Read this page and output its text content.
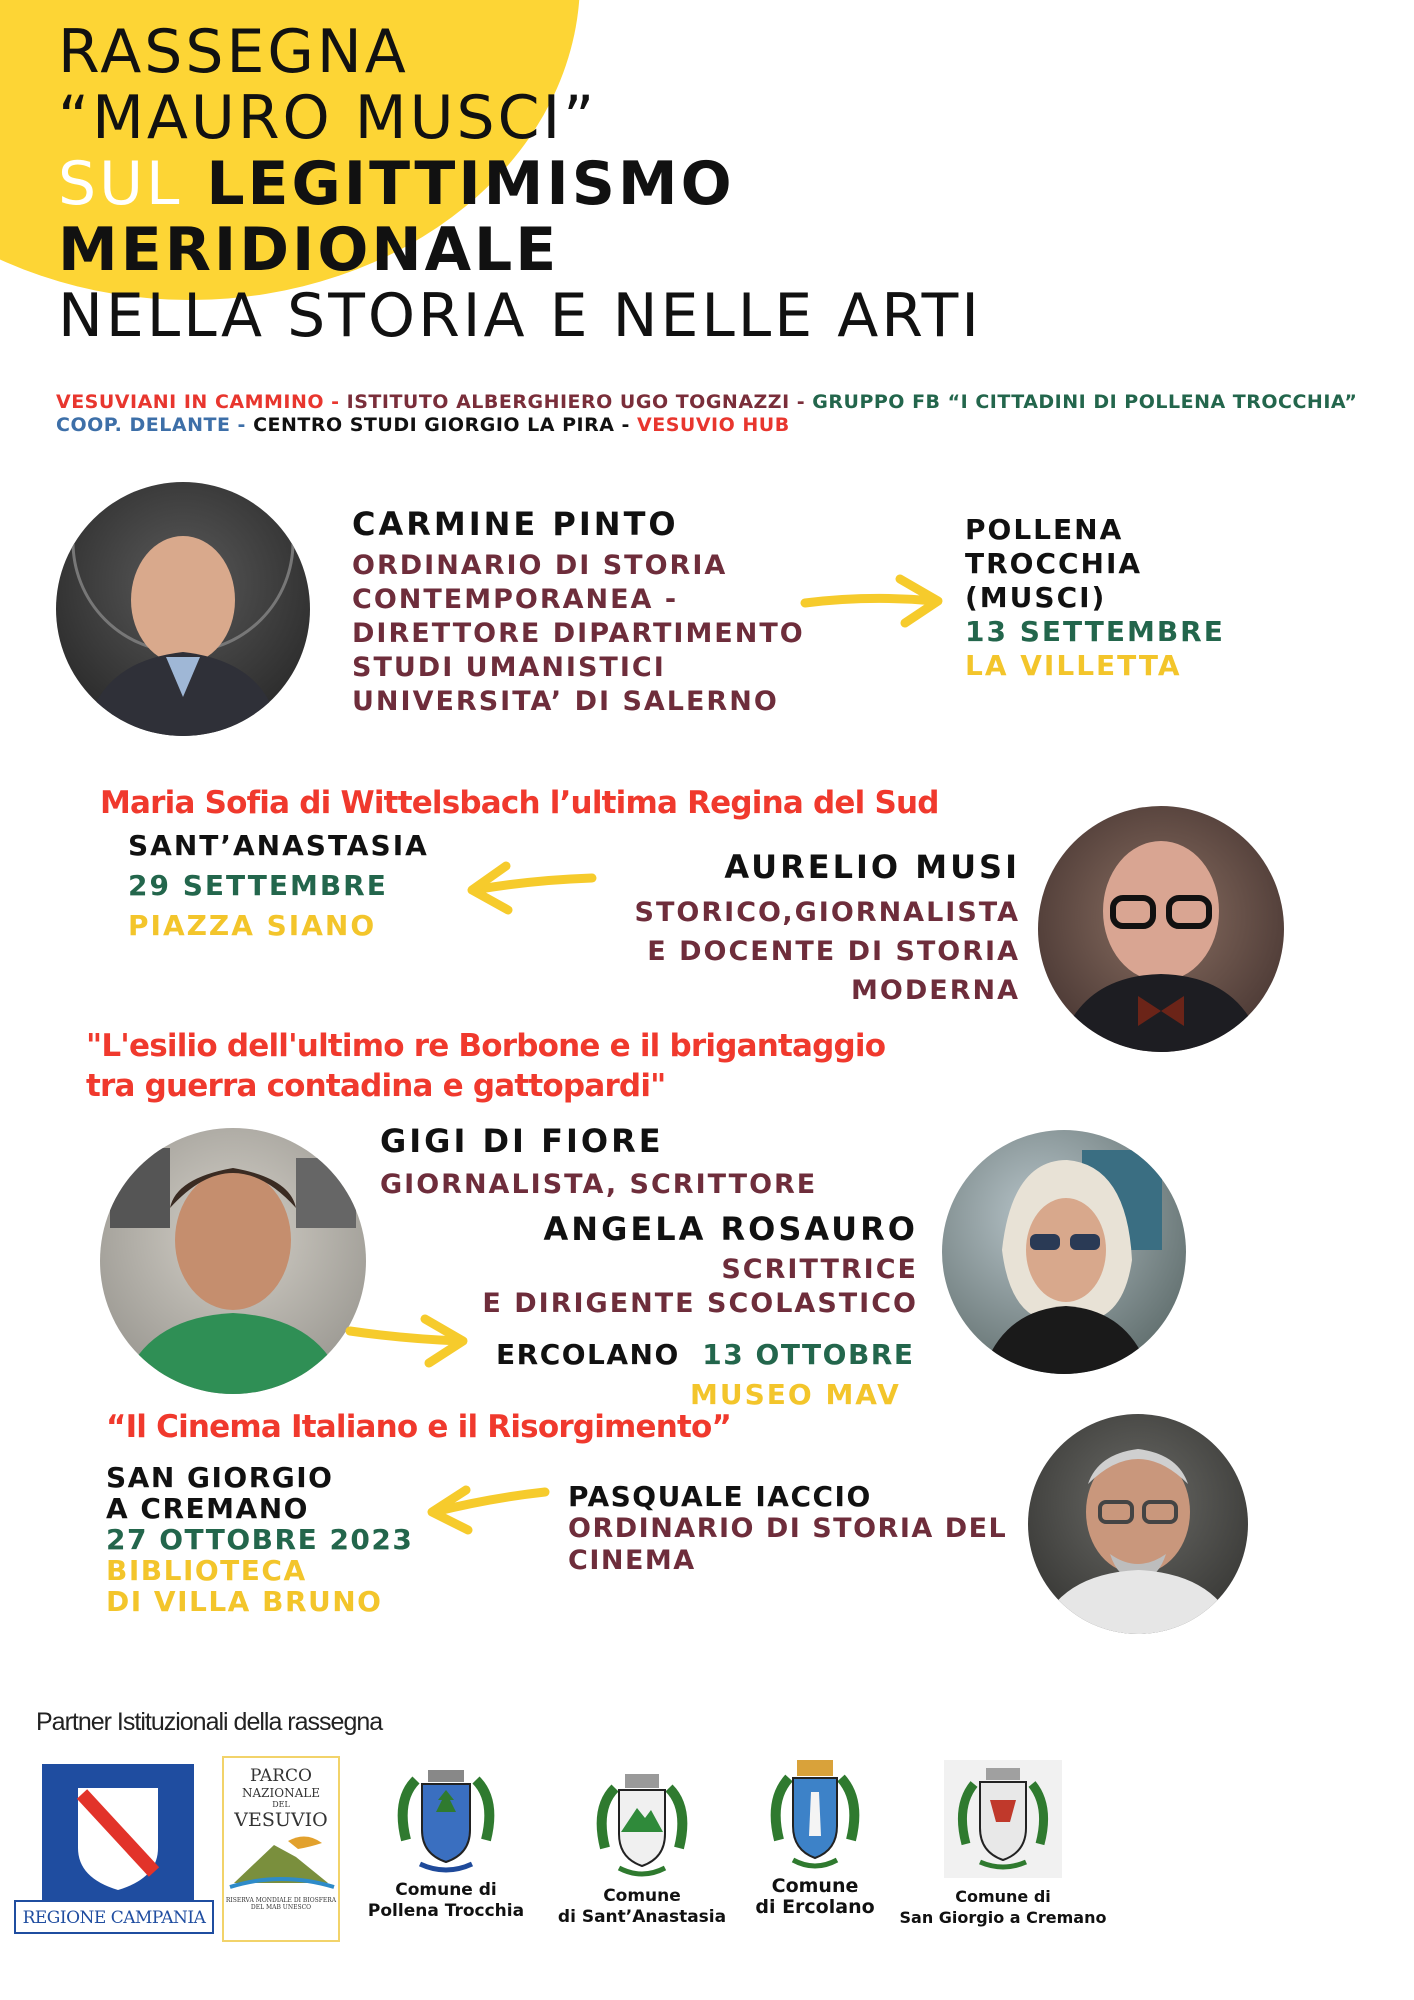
RASSEGNA
“MAURO MUSCI”
SUL LEGITTIMISMO
MERIDIONALE
NELLA STORIA E NELLE ARTI
VESUVIANI IN CAMMINO - ISTITUTO ALBERGHIERO UGO TOGNAZZI - GRUPPO FB “I CITTADINI DI POLLENA TROCCHIA”
COOP. DELANTE - CENTRO STUDI GIORGIO LA PIRA - VESUVIO HUB
CARMINE PINTO
ORDINARIO DI STORIA
CONTEMPORANEA -
DIRETTORE DIPARTIMENTO
STUDI UMANISTICI
UNIVERSITA’ DI SALERNO
POLLENA
TROCCHIA
(MUSCI)
13 SETTEMBRE
LA VILLETTA
Maria Sofia di Wittelsbach l’ultima Regina del Sud
SANT’ANASTASIA
29 SETTEMBRE
PIAZZA SIANO
AURELIO MUSI
STORICO,GIORNALISTA
E DOCENTE DI STORIA
MODERNA
"L'esilio dell'ultimo re Borbone e il brigantaggio
tra guerra contadina e gattopardi"
GIGI DI FIORE
GIORNALISTA, SCRITTORE
ANGELA ROSAURO
SCRITTRICE
E DIRIGENTE SCOLASTICO
ERCOLANO 13 OTTOBRE
MUSEO MAV
“Il Cinema Italiano e il Risorgimento”
SAN GIORGIO
A CREMANO
27 OTTOBRE 2023
BIBLIOTECA
DI VILLA BRUNO
PASQUALE IACCIO
ORDINARIO DI STORIA DEL
CINEMA
Partner Istituzionali della rassegna
REGIONE CAMPANIA
PARCO
NAZIONALE
DEL
VESUVIO
RISERVA MONDIALE DI BIOSFERA
DEL MAB UNESCO
Comune di
Pollena Trocchia
Comune
di Sant’Anastasia
Comune
di Ercolano	Comune di
San Giorgio a Cremano
